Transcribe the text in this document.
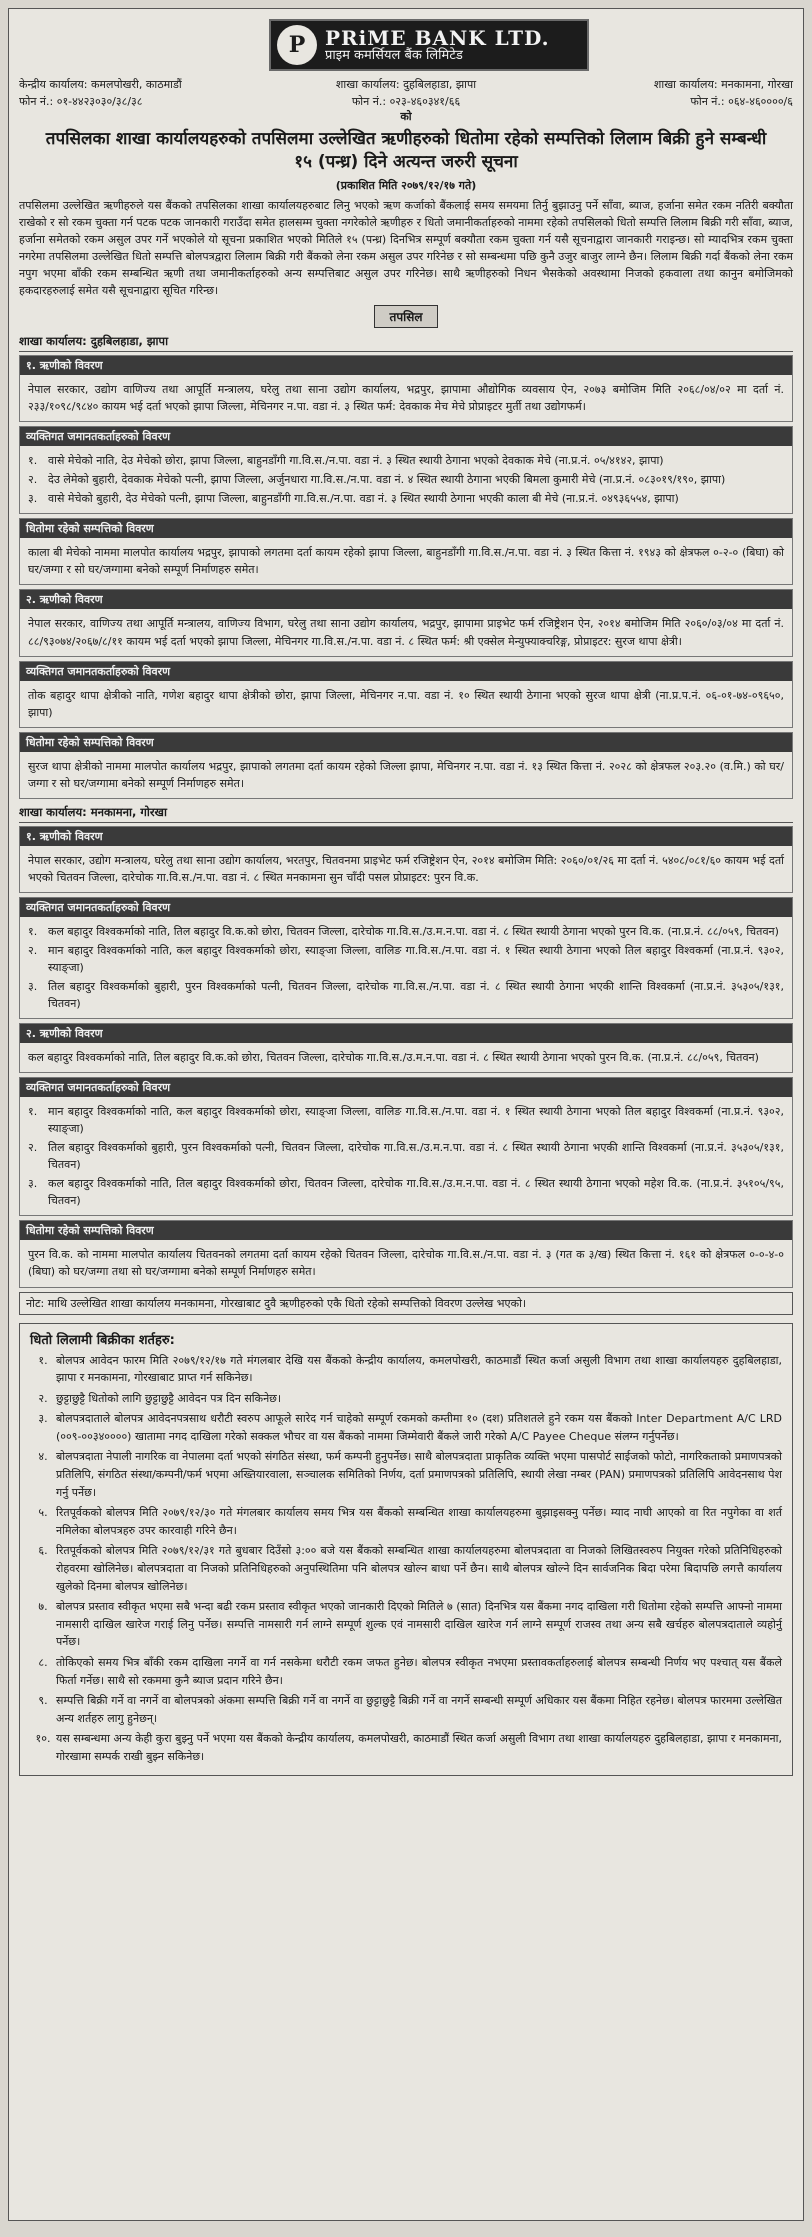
P PRiME BANK LTD.
प्राइम कमर्सियल बैंक लिमिटेड
केन्द्रीय कार्यालय: कमलपोखरी, काठमाडौं
फोन नं.: ०१-४४२३०३०/३८/३८
शाखा कार्यालय: दुहबिलहाडा, झापा
फोन नं.: ०२३-४६०३४१/६६
शाखा कार्यालय: मनकामना, गोरखा
फोन नं.: ०६४-४६००००/६
को
तपसिलका शाखा कार्यालयहरुको तपसिलमा उल्लेखित ऋणीहरुको धितोमा रहेको सम्पत्तिको लिलाम बिक्री हुने सम्बन्धी १५ (पन्ध्र) दिने अत्यन्त जरुरी सूचना
(प्रकाशित मिति २०७९/१२/१७ गते)

तपसिलमा उल्लेखित ऋणीहरुले यस बैंकको तपसिलका शाखा कार्यालयहरुबाट लिनु भएको ऋण कर्जाको बैंकलाई समय समयमा तिर्नु बुझाउनु पर्ने साँवा, ब्याज, हर्जाना समेत रकम नतिरी बक्यौता राखेको र सो रकम चुक्ता गर्न पटक पटक जानकारी गराउँदा समेत हालसम्म चुक्ता नगरेकोले ऋणीहरु र धितो जमानीकर्ताहरुको नाममा रहेको तपसिलको धितो सम्पत्ति लिलाम बिक्री गरी साँवा, ब्याज, हर्जाना समेतको रकम असुल उपर गर्ने भएकोले यो सूचना प्रकाशित भएको मितिले १५ (पन्ध्र) दिनभित्र सम्पूर्ण बक्यौता रकम चुक्ता गर्न यसै सूचनाद्वारा जानकारी गराइन्छ। सो म्यादभित्र रकम चुक्ता नगरेमा तपसिलमा उल्लेखित धितो सम्पत्ति बोलपत्रद्वारा लिलाम बिक्री गरी बैंकको लेना रकम असुल उपर गरिनेछ र सो सम्बन्धमा पछि कुनै उजुर बाजुर लाग्ने छैन। लिलाम बिक्री गर्दा बैंकको लेना रकम नपुग भएमा बाँकी रकम सम्बन्धित ऋणी तथा जमानीकर्ताहरुको अन्य सम्पत्तिबाट असुल उपर गरिनेछ। साथै ऋणीहरुको निधन भैसकेको अवस्थामा निजको हकवाला तथा कानुन बमोजिमको हकदारहरुलाई समेत यसै सूचनाद्वारा सूचित गरिन्छ।

तपसिल
शाखा कार्यालय: दुहबिलहाडा, झापा
१. ऋणीको विवरण
नेपाल सरकार, उद्योग वाणिज्य तथा आपूर्ति मन्त्रालय, घरेलु तथा साना उद्योग कार्यालय, भद्रपुर, झापामा औद्योगिक व्यवसाय ऐन, २०७३ बमोजिम मिति २०६८/०४/०२ मा दर्ता नं. २३३/१०९८/९८४० कायम भई दर्ता भएको झापा जिल्ला, मेचिनगर न.पा. वडा नं. ३ स्थित फर्म: देवकाक मेच मेचे प्रोप्राइटर मुर्ती तथा उद्योगफर्म।
व्यक्तिगत जमानतकर्ताहरुको विवरण
१. वासे मेचेको नाति, देउ मेचेको छोरा, झापा जिल्ला, बाहुनडाँगी गा.वि.स./न.पा. वडा नं. ३ स्थित स्थायी ठेगाना भएको देवकाक मेचे (ना.प्र.नं. ०५/४१४२, झापा)
२. देउ लेमेको बुहारी, देवकाक मेचेको पत्नी, झापा जिल्ला, अर्जुनधारा गा.वि.स./न.पा. वडा नं. ४ स्थित स्थायी ठेगाना भएकी बिमला कुमारी मेचे (ना.प्र.नं. ०८३०१९/१९०, झापा)
३. वासे मेचेको बुहारी, देउ मेचेको पत्नी, झापा जिल्ला, बाहुनडाँगी गा.वि.स./न.पा. वडा नं. ३ स्थित स्थायी ठेगाना भएकी काला बी मेचे (ना.प्र.नं. ०४९३६५५४, झापा)
धितोमा रहेको सम्पत्तिको विवरण
काला बी मेचेको नाममा मालपोत कार्यालय भद्रपुर, झापाको लगतमा दर्ता कायम रहेको झापा जिल्ला, बाहुनडाँगी गा.वि.स./न.पा. वडा नं. ३ स्थित कित्ता नं. १९४३ को क्षेत्रफल ०-२-० (बिघा) को घर/जग्गा र सो घर/जग्गामा बनेको सम्पूर्ण निर्माणहरु समेत।
२. ऋणीको विवरण
नेपाल सरकार, वाणिज्य तथा आपूर्ति मन्त्रालय, वाणिज्य विभाग, घरेलु तथा साना उद्योग कार्यालय, भद्रपुर, झापामा प्राइभेट फर्म रजिष्ट्रेशन ऐन, २०१४ बमोजिम मिति २०६०/०३/०४ मा दर्ता नं. ८८/९३०७४/२०६७/८/११ कायम भई दर्ता भएको झापा जिल्ला, मेचिनगर गा.वि.स./न.पा. वडा नं. ८ स्थित फर्म: श्री एक्सेल मेन्युफ्याक्चरिङ्ग, प्रोप्राइटर: सुरज थापा क्षेत्री।
व्यक्तिगत जमानतकर्ताहरुको विवरण
तोक बहादुर थापा क्षेत्रीको नाति, गणेश बहादुर थापा क्षेत्रीको छोरा, झापा जिल्ला, मेचिनगर न.पा. वडा नं. १० स्थित स्थायी ठेगाना भएको सुरज थापा क्षेत्री (ना.प्र.प.नं. ०६-०१-७४-०९६५०, झापा)
धितोमा रहेको सम्पत्तिको विवरण
सुरज थापा क्षेत्रीको नाममा मालपोत कार्यालय भद्रपुर, झापाको लगतमा दर्ता कायम रहेको जिल्ला झापा, मेचिनगर न.पा. वडा नं. १३ स्थित कित्ता नं. २०२८ को क्षेत्रफल २०३.२० (व.मि.) को घर/जग्गा र सो घर/जग्गामा बनेको सम्पूर्ण निर्माणहरु समेत।
शाखा कार्यालय: मनकामना, गोरखा
१. ऋणीको विवरण
नेपाल सरकार, उद्योग मन्त्रालय, घरेलु तथा साना उद्योग कार्यालय, भरतपुर, चितवनमा प्राइभेट फर्म रजिष्ट्रेशन ऐन, २०१४ बमोजिम मिति: २०६०/०१/२६ मा दर्ता नं. ५४०८/०८१/६० कायम भई दर्ता भएको चितवन जिल्ला, दारेचोक गा.वि.स./न.पा. वडा नं. ८ स्थित मनकामना सुन चाँदी पसल प्रोप्राइटर: पुरन वि.क.
व्यक्तिगत जमानतकर्ताहरुको विवरण
१. कल बहादुर विश्वकर्माको नाति, तिल बहादुर वि.क.को छोरा, चितवन जिल्ला, दारेचोक गा.वि.स./उ.म.न.पा. वडा नं. ८ स्थित स्थायी ठेगाना भएको पुरन वि.क. (ना.प्र.नं. ८८/०५९, चितवन)
२. मान बहादुर विश्वकर्माको नाति, कल बहादुर विश्वकर्माको छोरा, स्याङ्जा जिल्ला, वालिङ गा.वि.स./न.पा. वडा नं. १ स्थित स्थायी ठेगाना भएको तिल बहादुर विश्वकर्मा (ना.प्र.नं. ९३०२, स्याङ्जा)
३. तिल बहादुर विश्वकर्माको बुहारी, पुरन विश्वकर्माको पत्नी, चितवन जिल्ला, दारेचोक गा.वि.स./न.पा. वडा नं. ८ स्थित स्थायी ठेगाना भएकी शान्ति विश्वकर्मा (ना.प्र.नं. ३५३०५/१३१, चितवन)
२. ऋणीको विवरण
कल बहादुर विश्वकर्माको नाति, तिल बहादुर वि.क.को छोरा, चितवन जिल्ला, दारेचोक गा.वि.स./उ.म.न.पा. वडा नं. ८ स्थित स्थायी ठेगाना भएको पुरन वि.क. (ना.प्र.नं. ८८/०५९, चितवन)
व्यक्तिगत जमानतकर्ताहरुको विवरण
१. मान बहादुर विश्वकर्माको नाति, कल बहादुर विश्वकर्माको छोरा, स्याङ्जा जिल्ला, वालिङ गा.वि.स./न.पा. वडा नं. १ स्थित स्थायी ठेगाना भएको तिल बहादुर विश्वकर्मा (ना.प्र.नं. ९३०२, स्याङ्जा)
२. तिल बहादुर विश्वकर्माको बुहारी, पुरन विश्वकर्माको पत्नी, चितवन जिल्ला, दारेचोक गा.वि.स./उ.म.न.पा. वडा नं. ८ स्थित स्थायी ठेगाना भएकी शान्ति विश्वकर्मा (ना.प्र.नं. ३५३०५/१३१, चितवन)
३. कल बहादुर विश्वकर्माको नाति, तिल बहादुर विश्वकर्माको छोरा, चितवन जिल्ला, दारेचोक गा.वि.स./उ.म.न.पा. वडा नं. ८ स्थित स्थायी ठेगाना भएको महेश वि.क. (ना.प्र.नं. ३५१०५/९५, चितवन)
धितोमा रहेको सम्पत्तिको विवरण
पुरन वि.क. को नाममा मालपोत कार्यालय चितवनको लगतमा दर्ता कायम रहेको चितवन जिल्ला, दारेचोक गा.वि.स./न.पा. वडा नं. ३ (गत क ३/ख) स्थित कित्ता नं. १६१ को क्षेत्रफल ०-०-४-० (बिघा) को घर/जग्गा तथा सो घर/जग्गामा बनेको सम्पूर्ण निर्माणहरु समेत।
नोट: माथि उल्लेखित शाखा कार्यालय मनकामना, गोरखाबाट दुवै ऋणीहरुको एकै धितो रहेको सम्पत्तिको विवरण उल्लेख भएको।
धितो लिलामी बिक्रीका शर्तहरु:
१. बोलपत्र आवेदन फारम मिति २०७९/१२/१७ गते मंगलबार देखि यस बैंकको केन्द्रीय कार्यालय, कमलपोखरी, काठमाडौं स्थित कर्जा असुली विभाग तथा शाखा कार्यालयहरु दुहबिलहाडा, झापा र मनकामना, गोरखाबाट प्राप्त गर्न सकिनेछ।
२. छुट्टाछुट्टै धितोको लागि छुट्टाछुट्टै आवेदन पत्र दिन सकिनेछ।
३. बोलपत्रदाताले बोलपत्र आवेदनपत्रसाथ धरौटी स्वरुप आफूले सारेद गर्न चाहेको सम्पूर्ण रकमको कम्तीमा १० (दश) प्रतिशतले हुने रकम यस बैंकको Inter Department A/C LRD (००९-००३४००००) खातामा नगद दाखिला गरेको सक्कल भौचर वा यस बैंकको नाममा जिम्मेवारी बैंकले जारी गरेको A/C Payee Cheque संलग्न गर्नुपर्नेछ।
४. बोलपत्रदाता नेपाली नागरिक वा नेपालमा दर्ता भएको संगठित संस्था, फर्म कम्पनी हुनुपर्नेछ। साथै बोलपत्रदाता प्राकृतिक व्यक्ति भएमा पासपोर्ट साईजको फोटो, नागरिकताको प्रमाणपत्रको प्रतिलिपि, संगठित संस्था/कम्पनी/फर्म भएमा अख्तियारवाला, सञ्चालक समितिको निर्णय, दर्ता प्रमाणपत्रको प्रतिलिपि, स्थायी लेखा नम्बर (PAN) प्रमाणपत्रको प्रतिलिपि आवेदनसाथ पेश गर्नु पर्नेछ।
५. रितपूर्वकको बोलपत्र मिति २०७९/१२/३० गते मंगलबार कार्यालय समय भित्र यस बैंकको सम्बन्धित शाखा कार्यालयहरुमा बुझाइसक्नु पर्नेछ। म्याद नाघी आएको वा रित नपुगेका वा शर्त नमिलेका बोलपत्रहरु उपर कारवाही गरिने छैन।
६. रितपूर्वकको बोलपत्र मिति २०७९/१२/३१ गते बुधबार दिउँसो ३:०० बजे यस बैंकको सम्बन्धित शाखा कार्यालयहरुमा बोलपत्रदाता वा निजको लिखितस्वरुप नियुक्त गरेको प्रतिनिधिहरुको रोहवरमा खोलिनेछ। बोलपत्रदाता वा निजको प्रतिनिधिहरुको अनुपस्थितिमा पनि बोलपत्र खोल्न बाधा पर्ने छैन। साथै बोलपत्र खोल्ने दिन सार्वजनिक बिदा परेमा बिदापछि लगत्तै कार्यालय खुलेको दिनमा बोलपत्र खोलिनेछ।
७. बोलपत्र प्रस्ताव स्वीकृत भएमा सबै भन्दा बढी रकम प्रस्ताव स्वीकृत भएको जानकारी दिएको मितिले ७ (सात) दिनभित्र यस बैंकमा नगद दाखिला गरी धितोमा रहेको सम्पत्ति आफ्नो नाममा नामसारी दाखिल खारेज गराई लिनु पर्नेछ। सम्पत्ति नामसारी गर्न लाग्ने सम्पूर्ण शुल्क एवं नामसारी दाखिल खारेज गर्न लाग्ने सम्पूर्ण राजस्व तथा अन्य सबै खर्चहरु बोलपत्रदाताले व्यहोर्नु पर्नेछ।
८. तोकिएको समय भित्र बाँकी रकम दाखिला नगर्ने वा गर्न नसकेमा धरौटी रकम जफत हुनेछ। बोलपत्र स्वीकृत नभएमा प्रस्तावकर्ताहरुलाई बोलपत्र सम्बन्धी निर्णय भए पश्चात् यस बैंकले फिर्ता गर्नेछ। साथै सो रकममा कुनै ब्याज प्रदान गरिने छैन।
९. सम्पत्ति बिक्री गर्ने वा नगर्ने वा बोलपत्रको अंकमा सम्पत्ति बिक्री गर्ने वा नगर्ने वा छुट्टाछुट्टै बिक्री गर्ने वा नगर्ने सम्बन्धी सम्पूर्ण अधिकार यस बैंकमा निहित रहनेछ। बोलपत्र फारममा उल्लेखित अन्य शर्तहरु लागु हुनेछन्।
१०. यस सम्बन्धमा अन्य केही कुरा बुझ्नु पर्ने भएमा यस बैंकको केन्द्रीय कार्यालय, कमलपोखरी, काठमाडौं स्थित कर्जा असुली विभाग तथा शाखा कार्यालयहरु दुहबिलहाडा, झापा र मनकामना, गोरखामा सम्पर्क राखी बुझ्न सकिनेछ।
